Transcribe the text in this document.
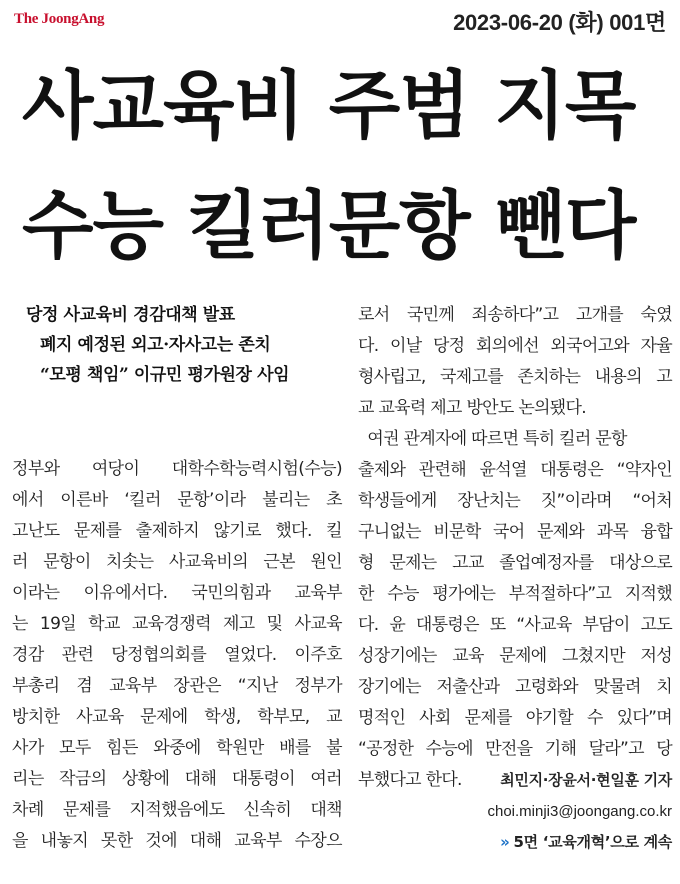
The JoongAng	2023-06-20 (화) 001면
사교육비 주범 지목
수능 킬러문항 뺀다
당정 사교육비 경감대책 발표
폐지 예정된 외고·자사고는 존치
“모평 책임” 이규민 평가원장 사임
정부와 여당이 대학수학능력시험(수능)
에서 이른바 ‘킬러 문항’이라 불리는 초
고난도 문제를 출제하지 않기로 했다. 킬
러 문항이 치솟는 사교육비의 근본 원인
이라는 이유에서다. 국민의힘과 교육부
는 19일 학교 교육경쟁력 제고 및 사교육
경감 관련 당정협의회를 열었다. 이주호
부총리 겸 교육부 장관은 “지난 정부가
방치한 사교육 문제에 학생, 학부모, 교
사가 모두 힘든 와중에 학원만 배를 불
리는 작금의 상황에 대해 대통령이 여러
차례 문제를 지적했음에도 신속히 대책
을 내놓지 못한 것에 대해 교육부 수장으
로서 국민께 죄송하다”고 고개를 숙였
다. 이날 당정 회의에선 외국어고와 자율
형사립고, 국제고를 존치하는 내용의 고
교 교육력 제고 방안도 논의됐다.
여권 관계자에 따르면 특히 킬러 문항
출제와 관련해 윤석열 대통령은 “약자인
학생들에게 장난치는 짓”이라며 “어처
구니없는 비문학 국어 문제와 과목 융합
형 문제는 고교 졸업예정자를 대상으로
한 수능 평가에는 부적절하다”고 지적했
다. 윤 대통령은 또 “사교육 부담이 고도
성장기에는 교육 문제에 그쳤지만 저성
장기에는 저출산과 고령화와 맞물려 치
명적인 사회 문제를 야기할 수 있다”며
“공정한 수능에 만전을 기해 달라”고 당
부했다고 한다.	최민지·장윤서·현일훈 기자
choi.minji3@joongang.co.kr
» 5면 ‘교육개혁’으로 계속
